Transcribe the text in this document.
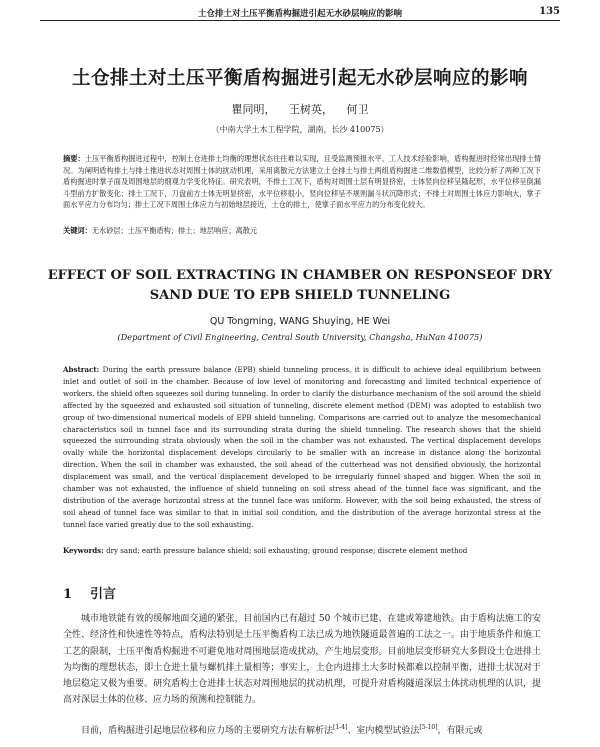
土仓排土对土压平衡盾构掘进引起无水砂层响应的影响	135
土仓排土对土压平衡盾构掘进引起无水砂层响应的影响
瞿同明， 王树英， 何卫
（中南大学土木工程学院，湖南，长沙 410075）

摘要：土压平衡盾构掘进过程中，控制土仓进排土均衡的理想状态往往难以实现，且受监测预报水平、工人技术经验影响，盾构掘进时经常出现排土情况。为阐明盾构排土与排土推进状态对周围土体的扰动机理，采用离散元方法建立土仓排土与排土两组盾构掘进二维数值模型，比较分析了两种工况下盾构掘进时掌子面及周围地层的细观力学变化特征。研究表明，不排土工况下，盾构对周围土层有明显挤密，土体竖向位移呈隆起形，水平位移呈倒漏斗型前方扩散变化；排土工况下，刀盘前方土体无明显挤密，水平位移很小，竖向位移呈不规则漏斗状沉降形式；不排土对周围土体应力影响大，掌子面水平应力分布均匀；排土工况下周围土体应力与初始地层接近，土仓的排土，使掌子面水平应力的分布变化较大。

关键词：无水砂层；土压平衡盾构；排土；地层响应；离散元

EFFECT OF SOIL EXTRACTING IN CHAMBER ON RESPONSEOF DRY
SAND DUE TO EPB SHIELD TUNNELING

QU Tongming, WANG Shuying, HE Wei
(Department of Civil Engineering, Central South University, Changsha, HuNan 410075)

Abstract: During the earth pressure balance (EPB) shield tunneling process, it is difficult to achieve ideal equilibrium between inlet and outlet of soil in the chamber. Because of low level of monitoring and forecasting and limited technical experience of workers, the shield often squeezes soil during tunneling. In order to clarify the disturbance mechanism of the soil around the shield affected by the squeezed and exhausted soil situation of tunneling, discrete element method (DEM) was adopted to establish two group of two-dimensional numerical models of EPB shield tunneling. Comparisons are carried out to analyze the mesomechanical characteristics soil in tunnel face and its surrounding strata during the shield tunneling. The research shows that the shield squeezed the surrounding strata obviously when the soil in the chamber was not exhausted. The vertical displacement develops ovally while the horizontal displacement develops circularly to be smaller with an increase in distance along the horizontal direction. When the soil in chamber was exhausted, the soil ahead of the cutterhead was not densified obviously, the horizontal displacement was small, and the vertical displacement developed to be irregularly funnel shaped and bigger. When the soil in chamber was not exhausted, the influence of shield tunneling on soil stress ahead of the tunnel face was significant, and the distribution of the average horizontal stress at the tunnel face was uniform. However, with the soil being exhausted, the stress of soil ahead of tunnel face was similar to that in initial soil condition, and the distribution of the average horizontal stress at the tunnel face varied greatly due to the soil exhausting.

Keywords: dry sand; earth pressure balance shield; soil exhausting; ground response; discrete element method

1 引言

城市地铁能有效的缓解地面交通的紧张，目前国内已有超过 50 个城市已建、在建或筹建地铁。由于盾构法施工的安全性、经济性和快速性等特点，盾构法特别是土压平衡盾构工法已成为地铁隧道最普遍的工法之一。由于地质条件和施工工艺的限制，土压平衡盾构掘进不可避免地对周围地层造成扰动，产生地层变形。目前地层变形研究大多假设土仓进排土为均衡的理想状态，即土仓进土量与螺机排土量相等；事实上，土仓内进排土大多时候都难以控制平衡，进排土状况对于地层稳定又极为重要。研究盾构土仓进排土状态对周围地层的扰动机理，可提升对盾构隧道深层土体扰动机理的认识，提高对深层土体的位移、应力场的预测和控制能力。

目前，盾构掘进引起地层位移和应力场的主要研究方法有解析法[1-4]、室内模型试验法[5-10]，有限元或
